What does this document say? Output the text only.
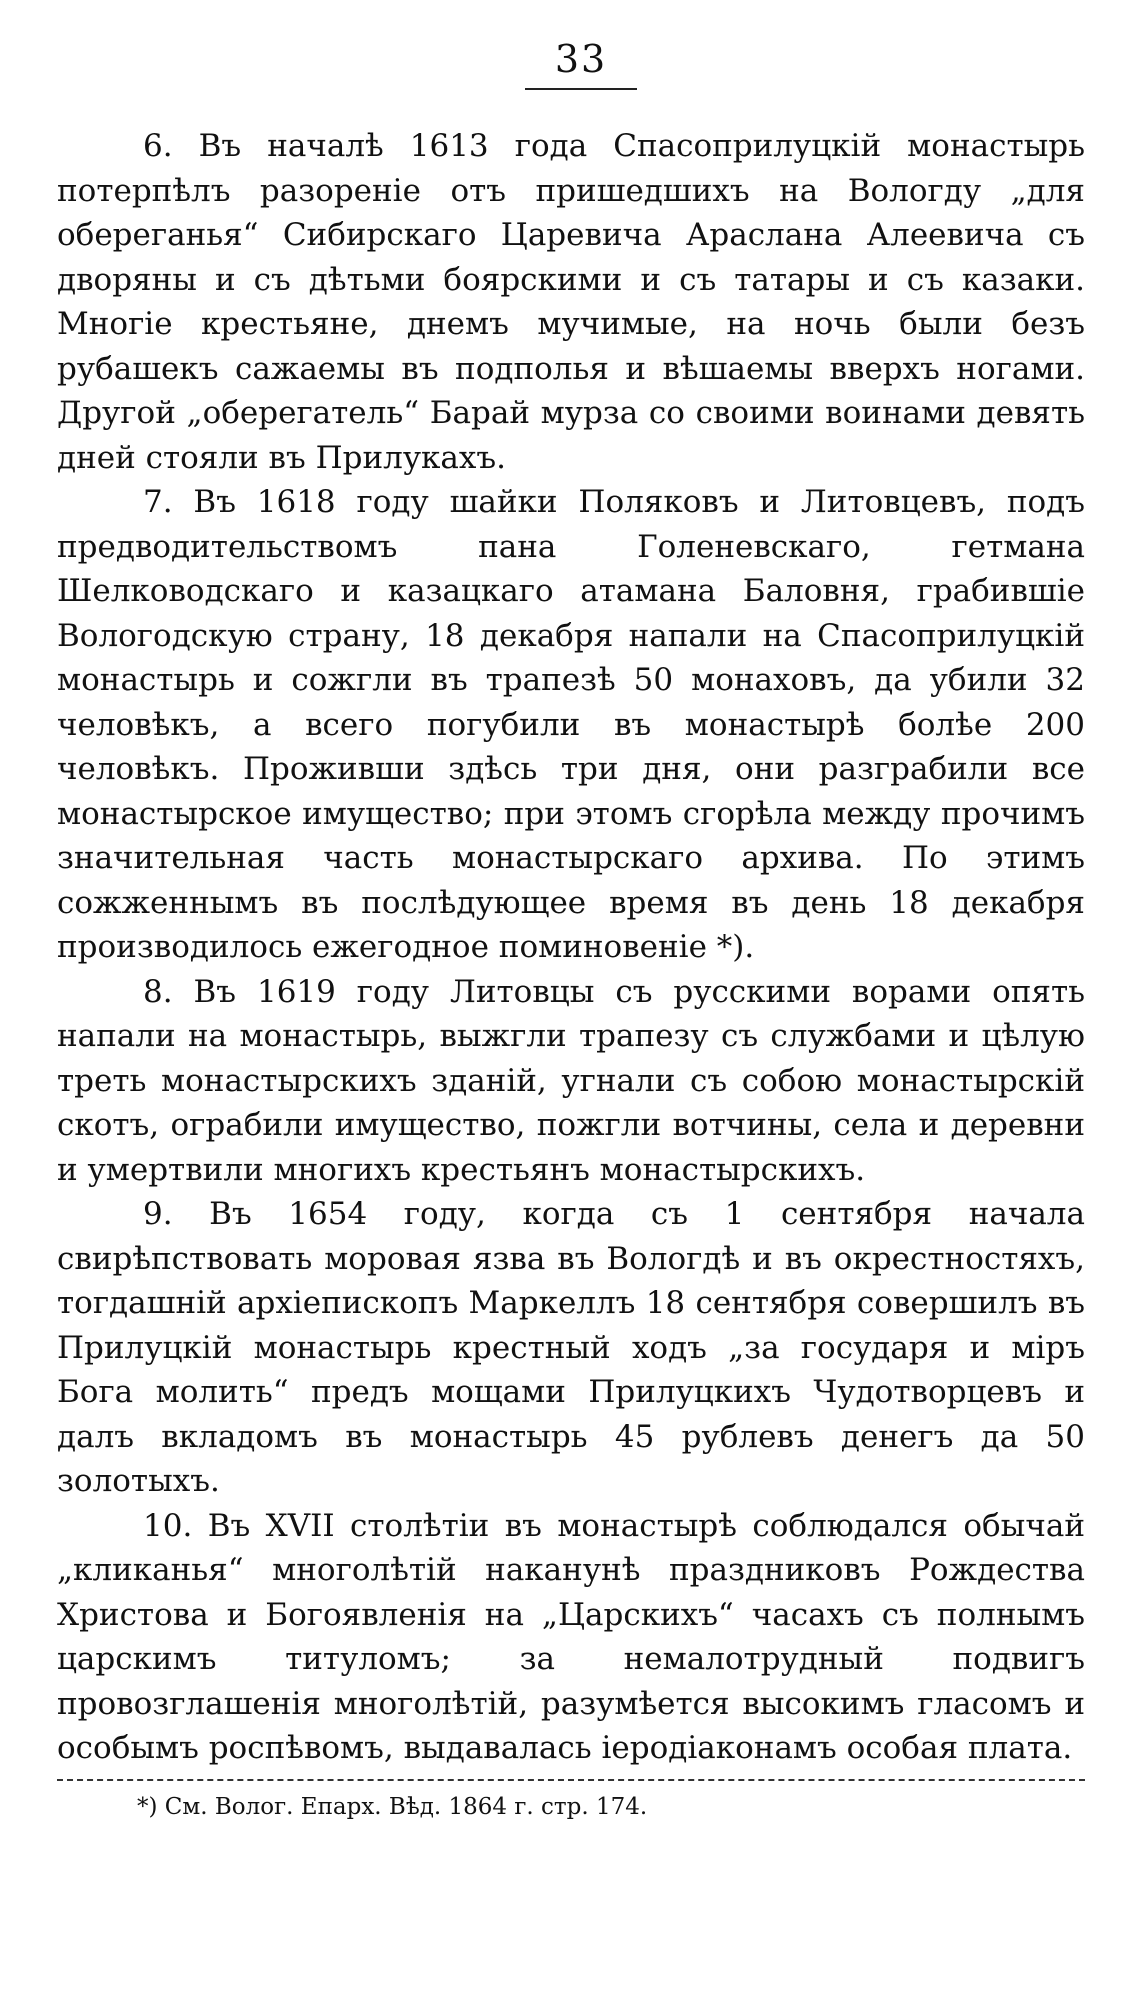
33

6. Въ началѣ 1613 года Спасоприлуцкій монастырь потерпѣлъ разореніе отъ пришедшихъ на Вологду „для обереганья“ Сибирскаго Царевича Араслана Алеевича съ дворяны и съ дѣтьми боярскими и съ татары и съ казаки. Многіе крестьяне, днемъ мучимые, на ночь были безъ рубашекъ сажаемы въ подполья и вѣшаемы вверхъ ногами. Другой „оберегатель“ Барай мурза со своими воинами девять дней стояли въ Прилукахъ.

7. Въ 1618 году шайки Поляковъ и Литовцевъ, подъ предводительствомъ пана Голеневскаго, гетмана Шелководскаго и казацкаго атамана Баловня, грабившіе Вологодскую страну, 18 декабря напали на Спасоприлуцкій монастырь и сожгли въ трапезѣ 50 монаховъ, да убили 32 человѣкъ, а всего погубили въ монастырѣ болѣе 200 человѣкъ. Проживши здѣсь три дня, они разграбили все монастырское имущество; при этомъ сгорѣла между прочимъ значительная часть монастырскаго архива. По этимъ сожженнымъ въ послѣдующее время въ день 18 декабря производилось ежегодное поминовеніе *).

8. Въ 1619 году Литовцы съ русскими ворами опять напали на монастырь, выжгли трапезу съ службами и цѣлую треть монастырскихъ зданій, угнали съ собою монастырскій скотъ, ограбили имущество, пожгли вотчины, села и деревни и умертвили многихъ крестьянъ монастырскихъ.

9. Въ 1654 году, когда съ 1 сентября начала свирѣпствовать моровая язва въ Вологдѣ и въ окрестностяхъ, тогдашній архіепископъ Маркеллъ 18 сентября совершилъ въ Прилуцкій монастырь крестный ходъ „за государя и міръ Бога молить“ предъ мощами Прилуцкихъ Чудотворцевъ и далъ вкладомъ въ монастырь 45 рублевъ денегъ да 50 золотыхъ.

10. Въ XVII столѣтіи въ монастырѣ соблюдался обычай „кликанья“ многолѣтій наканунѣ праздниковъ Рождества Христова и Богоявленія на „Царскихъ“ часахъ съ полнымъ царскимъ титуломъ; за немалотрудный подвигъ провозглашенія многолѣтій, разумѣется высокимъ гласомъ и особымъ роспѣвомъ, выдавалась іеродіаконамъ особая плата.

*) См. Волог. Епарх. Вѣд. 1864 г. стр. 174.
